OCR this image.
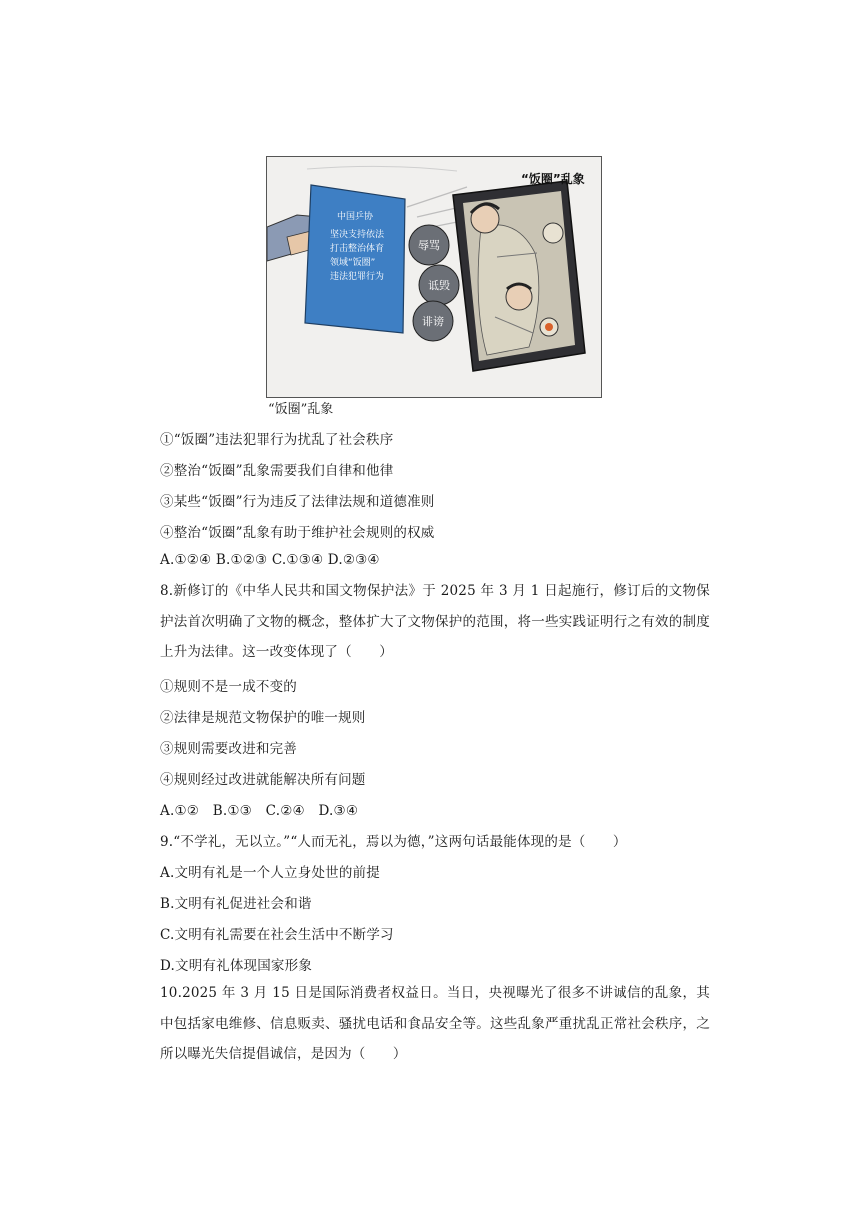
中国乒协
坚决支持依法
打击整治体育
领域“饭圈”
违法犯罪行为
辱骂
诋毁
诽谤
“饭圈”乱象
“饭圈”乱象
①“饭圈”违法犯罪行为扰乱了社会秩序
②整治“饭圈”乱象需要我们自律和他律
③某些“饭圈”行为违反了法律法规和道德准则
④整治“饭圈”乱象有助于维护社会规则的权威
A.①②④ B.①②③ C.①③④ D.②③④
8.新修订的《中华人民共和国文物保护法》于 2025 年 3 月 1 日起施行，修订后的文物保护法首次明确了文物的概念，整体扩大了文物保护的范围，将一些实践证明行之有效的制度上升为法律。这一改变体现了（　　）
①规则不是一成不变的
②法律是规范文物保护的唯一规则
③规则需要改进和完善
④规则经过改进就能解决所有问题
A.①②　B.①③　C.②④　D.③④
9.“不学礼，无以立。”“人而无礼，焉以为德，”这两句话最能体现的是（　　）
A.文明有礼是一个人立身处世的前提
B.文明有礼促进社会和谐
C.文明有礼需要在社会生活中不断学习
D.文明有礼体现国家形象
10.2025 年 3 月 15 日是国际消费者权益日。当日，央视曝光了很多不讲诚信的乱象，其中包括家电维修、信息贩卖、骚扰电话和食品安全等。这些乱象严重扰乱正常社会秩序，之所以曝光失信提倡诚信，是因为（　　）
